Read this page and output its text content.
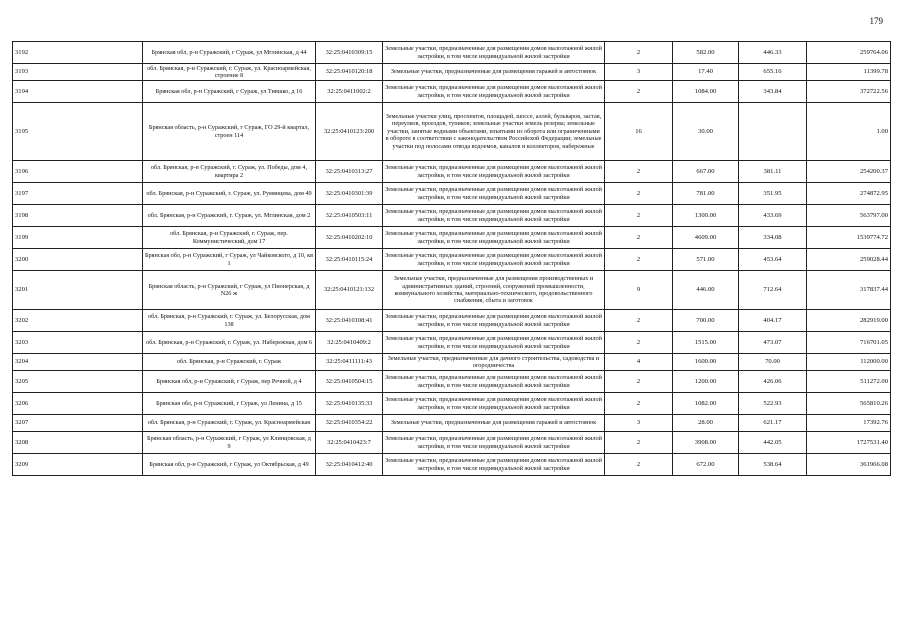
179
3192	Брянская обл, р-н Суражский, г Сураж, ул Мглинская, д 44	32:25:0410309:15	Земельные участки, предназначенные для размещения домов малоэтажной жилой застройки, в том числе индивидуальной жилой застройки	2	582.00	446.33	259764.06
3193	обл. Брянская, р-н Суражский, г. Сураж, ул. Красноармейская, строение 8	32:25:0410120:18	Земельные участки, предназначенные для размещения гаражей и автостоянок	3	17.40	655.16	11399.78
3194	Брянская обл, р-н Суражский, г Сураж, ул Тившко, д 16	32:25:0411002:2	Земельные участки, предназначенные для размещения домов малоэтажной жилой застройки, в том числе индивидуальной жилой застройки	2	1084.00	343.84	372722.56
3195	Брянская область, р-н Суражский, г Сураж, ГО 29-й квартал, строен 114	32:25:0410123:200	Земельные участки улиц, проспектов, площадей, шоссе, аллей, бульваров, застав, переулков, проездов, тупиков; земельные участки земель резерва; земельные участки, занятые водными объектами, изъятыми из оборота или ограниченными в обороте в соответствии с законодательством Российской Федерации; земельные участки под полосами отвода водоемов, каналов и коллекторов, набережные	16	30.00		1.00
3196	обл. Брянская, р-н Суражский, г. Сураж, ул. Победы, дом 4, квартира 2	32:25:0410313:27	Земельные участки, предназначенные для размещения домов малоэтажной жилой застройки, в том числе индивидуальной жилой застройки	2	667.00	381.11	254200.37
3197	обл. Брянская, р-н Суражский, г. Сураж, ул. Румянцева, дом 49	32:25:0410301:39	Земельные участки, предназначенные для размещения домов малоэтажной жилой застройки, в том числе индивидуальной жилой застройки	2	781.00	351.95	274872.95
3198	обл. Брянская, р-н Суражский, г. Сураж, ул. Мглинская, дом 2	32:25:0410503:11	Земельные участки, предназначенные для размещения домов малоэтажной жилой застройки, в том числе индивидуальной жилой застройки	2	1300.00	433.69	563797.00
3199	обл. Брянская, р-н Суражский, г. Сураж, пер. Коммунистический, дом 17	32:25:0410202:10	Земельные участки, предназначенные для размещения домов малоэтажной жилой застройки, в том числе индивидуальной жилой застройки	2	4609.00	334.08	1539774.72
3200	Брянская обл, р-н Суражский, г Сураж, ул Чайковского, д 10, кв 1	32:25:0410115:24	Земельные участки, предназначенные для размещения домов малоэтажной жилой застройки, в том числе индивидуальной жилой застройки	2	571.00	453.64	259028.44
3201	Брянская область, р-н Суражский, г Сураж, ул Пионерская, д N26 ж	32:25:0410121:132	Земельные участки, предназначенные для размещения производственных и административных зданий, строений, сооружений промышленности, коммунального хозяйства, материально-технического, продовольственного снабжения, сбыта и заготовок	9	446.00	712.64	317837.44
3202	обл. Брянская, р-н Суражский, г. Сураж, ул. Белорусская, дом 138	32:25:0410108:41	Земельные участки, предназначенные для размещения домов малоэтажной жилой застройки, в том числе индивидуальной жилой застройки	2	700.00	404.17	282919.00
3203	обл. Брянская, р-н Суражский, г. Сураж, ул. Набережная, дом 6	32:25:0410409:2	Земельные участки, предназначенные для размещения домов малоэтажной жилой застройки, в том числе индивидуальной жилой застройки	2	1515.00	473.07	716701.05
3204	обл. Брянская, р-н Суражский, г. Сураж	32:25:0411111:43	Земельные участки, предназначенные для дачного строительства, садоводства и огородничества	4	1600.00	70.00	112000.00
3205	Брянская обл, р-н Суражский, г Сураж, пер Речной, д 4	32:25:0410504:15	Земельные участки, предназначенные для размещения домов малоэтажной жилой застройки, в том числе индивидуальной жилой застройки	2	1200.00	426.06	511272.00
3206	Брянская обл, р-н Суражский, г Сураж, ул Ленина, д 15	32:25:0410135:33	Земельные участки, предназначенные для размещения домов малоэтажной жилой застройки, в том числе индивидуальной жилой застройки	2	1082.00	522.93	565810.26
3207	обл. Брянская, р-н Суражский, г. Сураж, ул. Красноармейская	32:25:0410354:22	Земельные участки, предназначенные для размещения гаражей и автостоянок	3	28.00	621.17	17392.76
3208	Брянская область, р-н Суражский, г Сураж, ул Клинцовская, д 9	32:25:0410423:7	Земельные участки, предназначенные для размещения домов малоэтажной жилой застройки, в том числе индивидуальной жилой застройки	2	3908.00	442.05	1727531.40
3209	Брянская обл, р-н Суражский, г Сураж, ул Октябрьская, д 49	32:25:0410412:40	Земельные участки, предназначенные для размещения домов малоэтажной жилой застройки, в том числе индивидуальной жилой застройки	2	672.00	538.64	361966.08
